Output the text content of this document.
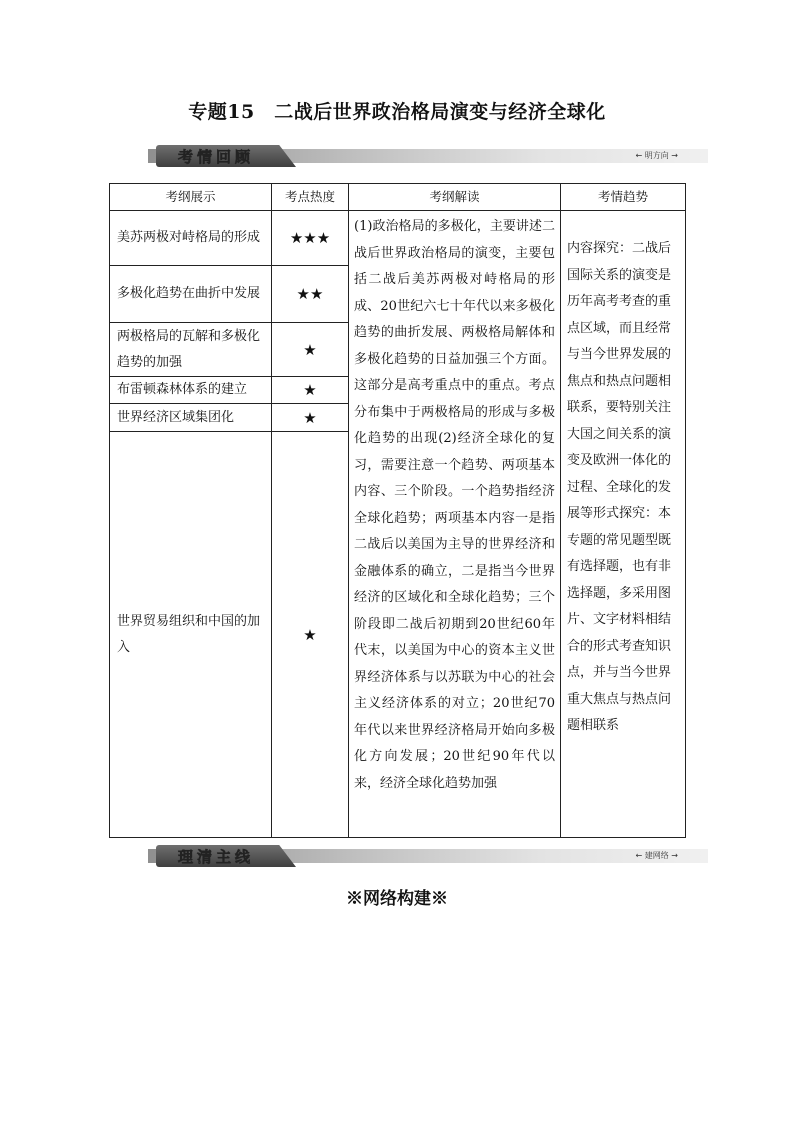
专题15　二战后世界政治格局演变与经济全球化
考情回顾	← 明方向 →
考纲展示	考点热度	考纲解读	考情趋势
美苏两极对峙格局的形成	★★★	(1)政治格局的多极化，主要讲述二战后世界政治格局的演变，主要包括二战后美苏两极对峙格局的形成、20世纪六七十年代以来多极化趋势的曲折发展、两极格局解体和多极化趋势的日益加强三个方面。这部分是高考重点中的重点。考点分布集中于两极格局的形成与多极化趋势的出现(2)经济全球化的复习，需要注意一个趋势、两项基本内容、三个阶段。一个趋势指经济全球化趋势；两项基本内容一是指二战后以美国为主导的世界经济和金融体系的确立，二是指当今世界经济的区域化和全球化趋势；三个阶段即二战后初期到20世纪60年代末，以美国为中心的资本主义世界经济体系与以苏联为中心的社会主义经济体系的对立；20世纪70年代以来世界经济格局开始向多极化方向发展；20世纪90年代以来，经济全球化趋势加强	内容探究：二战后国际关系的演变是历年高考考查的重点区域，而且经常与当今世界发展的焦点和热点问题相联系，要特别关注大国之间关系的演变及欧洲一体化的过程、全球化的发展等形式探究：本专题的常见题型既有选择题，也有非选择题，多采用图片、文字材料相结合的形式考查知识点，并与当今世界重大焦点与热点问题相联系

多极化趋势在曲折中发展	★★		
两极格局的瓦解和多极化趋势的加强	★		
布雷顿森林体系的建立	★		
世界经济区域集团化	★		
世界贸易组织和中国的加入	★		
理清主线	← 建网络 →
※网络构建※
